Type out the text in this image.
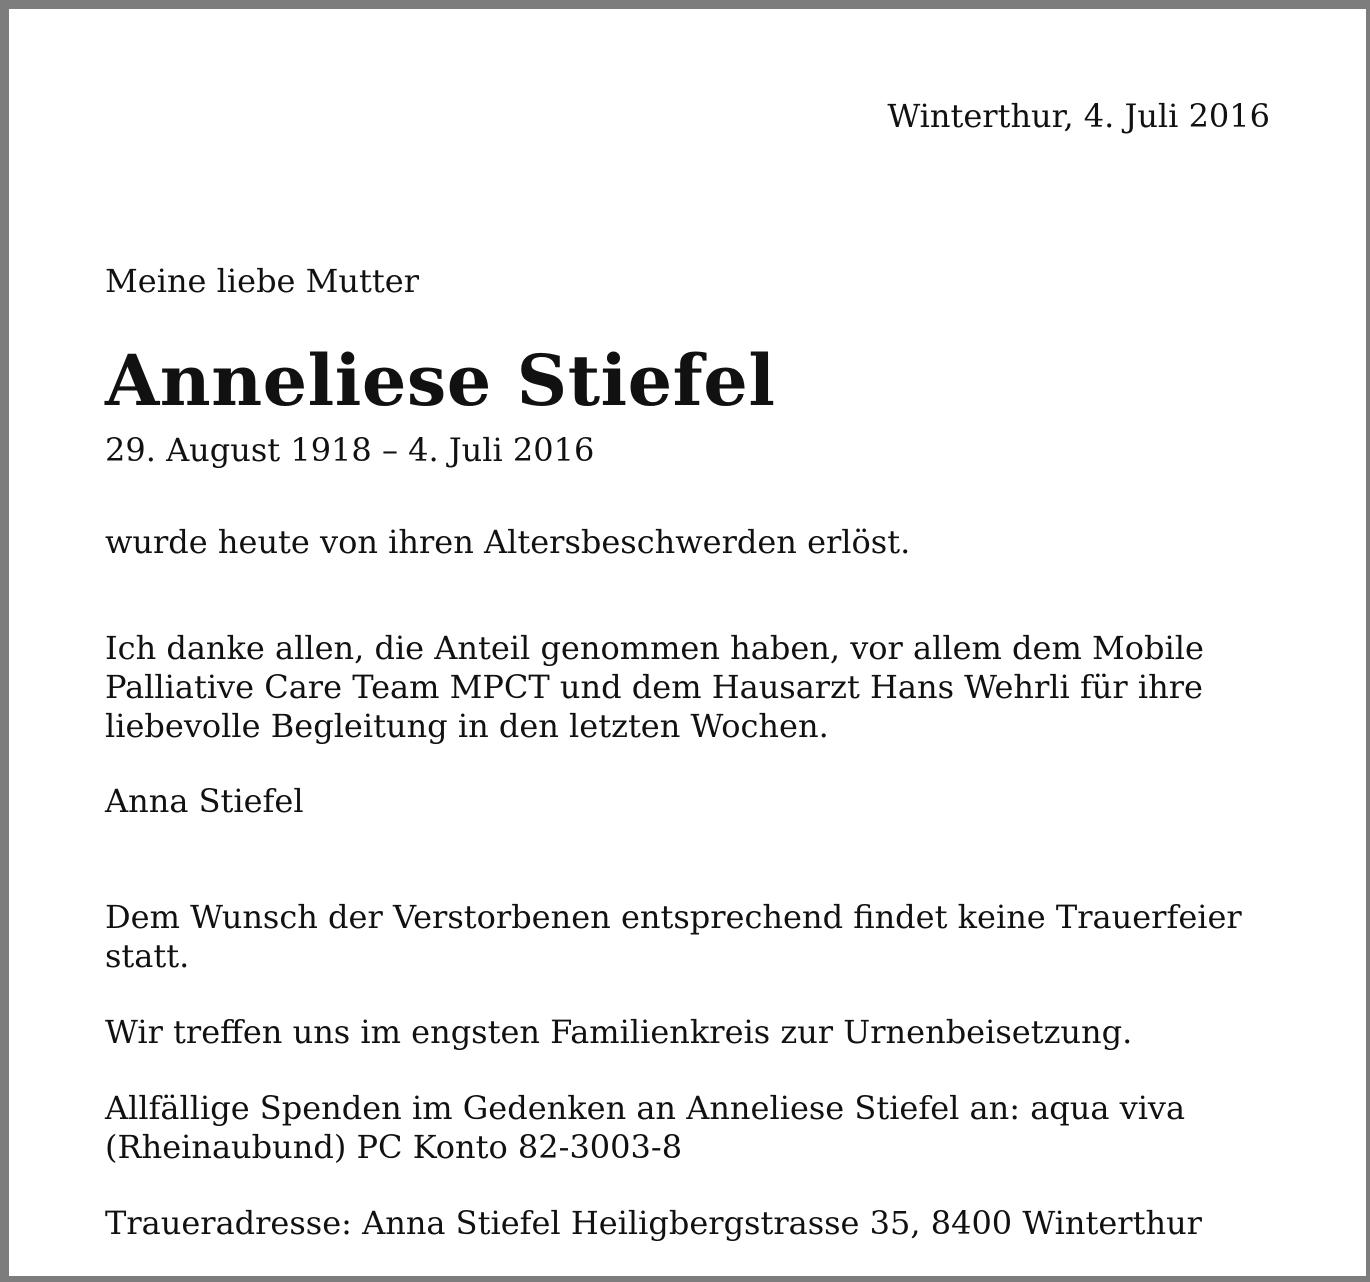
Winterthur, 4. Juli 2016

Meine liebe Mutter

Anneliese Stiefel

29. August 1918 – 4. Juli 2016

wurde heute von ihren Altersbeschwerden erlöst.

Ich danke allen, die Anteil genommen haben, vor allem dem Mobile
Palliative Care Team MPCT und dem Hausarzt Hans Wehrli für ihre
liebevolle Begleitung in den letzten Wochen.

Anna Stiefel

Dem Wunsch der Verstorbenen entsprechend findet keine Trauerfeier
statt.

Wir treffen uns im engsten Familienkreis zur Urnenbeisetzung.

Allfällige Spenden im Gedenken an Anneliese Stiefel an: aqua viva
(Rheinaubund) PC Konto 82-3003-8

Traueradresse: Anna Stiefel Heiligbergstrasse 35, 8400 Winterthur
